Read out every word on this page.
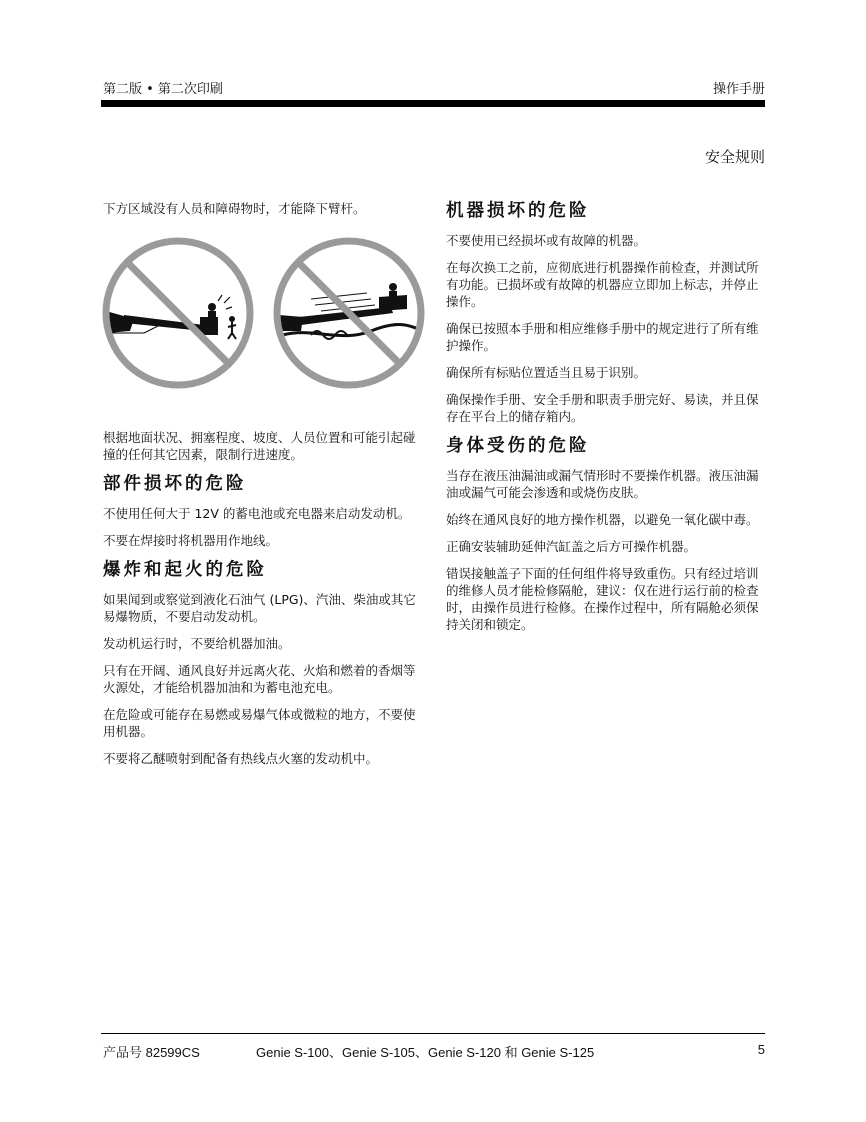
第二版 • 第二次印刷	操作手册
安全规则

下方区域没有人员和障碍物时，才能降下臂杆。

根据地面状况、拥塞程度、坡度、人员位置和可能引起碰撞的任何其它因素，限制行进速度。

部件损坏的危险

不使用任何大于 12V 的蓄电池或充电器来启动发动机。

不要在焊接时将机器用作地线。

爆炸和起火的危险

如果闻到或察觉到液化石油气 (LPG)、汽油、柴油或其它易爆物质，不要启动发动机。

发动机运行时，不要给机器加油。

只有在开阔、通风良好并远离火花、火焰和燃着的香烟等火源处，才能给机器加油和为蓄电池充电。

在危险或可能存在易燃或易爆气体或微粒的地方，不要使用机器。

不要将乙醚喷射到配备有热线点火塞的发动机中。

机器损坏的危险

不要使用已经损坏或有故障的机器。

在每次换工之前，应彻底进行机器操作前检查，并测试所有功能。已损坏或有故障的机器应立即加上标志，并停止操作。

确保已按照本手册和相应维修手册中的规定进行了所有维护操作。

确保所有标贴位置适当且易于识别。

确保操作手册、安全手册和职责手册完好、易读，并且保存在平台上的储存箱内。

身体受伤的危险

当存在液压油漏油或漏气情形时不要操作机器。液压油漏油或漏气可能会渗透和或烧伤皮肤。

始终在通风良好的地方操作机器，以避免一氧化碳中毒。

正确安装辅助延伸汽缸盖之后方可操作机器。

错误接触盖子下面的任何组件将导致重伤。只有经过培训的维修人员才能检修隔舱，建议：仅在进行运行前的检查时，由操作员进行检修。在操作过程中，所有隔舱必须保持关闭和锁定。

产品号 82599CS	Genie S-100、Genie S-105、Genie S-120 和 Genie S-125	5
